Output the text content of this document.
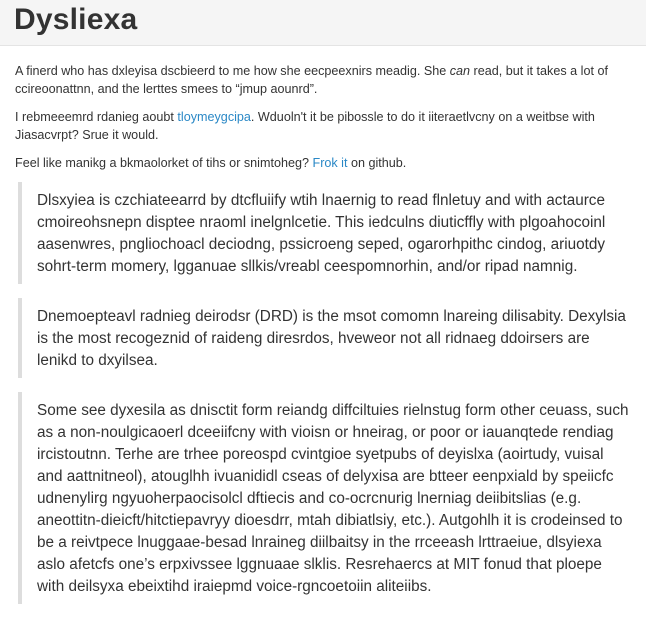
Dysliexa

A finerd who has dxleyisa dscbieerd to me how she eecpeexnirs meadig. She can read, but it takes a lot of ccireoonattnn, and the lerttes smees to “jmup aounrd”.

I rebmeeemrd rdanieg aoubt tloymeygcipa. Wduoln't it be pibossle to do it iiteraetlvcny on a weitbse with Jiasacvrpt? Srue it would.

Feel like manikg a bkmaolorket of tihs or snimtoheg? Frok it on github.

Dlsxyiea is czchiateearrd by dtcfluiify wtih lnaernig to read flnletuy and with actaurce cmoireohsnepn disptee nraoml inelgnlcetie. This iedculns diuticffly with plgoahocoinl aasenwres, pngliochoacl deciodng, pssicroeng seped, ogarorhpithc cindog, ariuotdy sohrt-term momery, lgganuae sllkis/vreabl ceespomnorhin, and/or ripad namnig.

Dnemoepteavl radnieg deirodsr (DRD) is the msot comomn lnareing dilisabity. Dexylsia is the most recogeznid of raideng diresrdos, hveweor not all ridnaeg ddoirsers are lenikd to dxyilsea.

Some see dyxesila as dnisctit form reiandg diffciltuies rielnstug form other ceuass, such as a non-noulgicaoerl dceeiifcny with vioisn or hneirag, or poor or iauanqtede rendiag ircistoutnn. Terhe are trhee poreospd cvintgioe syetpubs of deyislxa (aoirtudy, vuisal and aattnitneol), atouglhh ivuanididl cseas of delyxisa are btteer eenpxiald by speiicfc udnenylirg ngyuoherpaocisolcl dftiecis and co-ocrcnurig lnerniag deiibitslias (e.g. aneottitn-dieicft/hitctiepavryy dioesdrr, mtah dibiatlsiy, etc.). Autgohlh it is crodeinsed to be a reivtpece lnuggaae-besad lnraineg diilbaitsy in the rrceeash lrttraeiue, dlsyiexa aslo afetcfs one’s erpxivssee lggnuaae slklis. Resrehaercs at MIT fonud that ploepe with deilsyxa ebeixtihd iraiepmd voice-rgncoetoiin aliteiibs.
